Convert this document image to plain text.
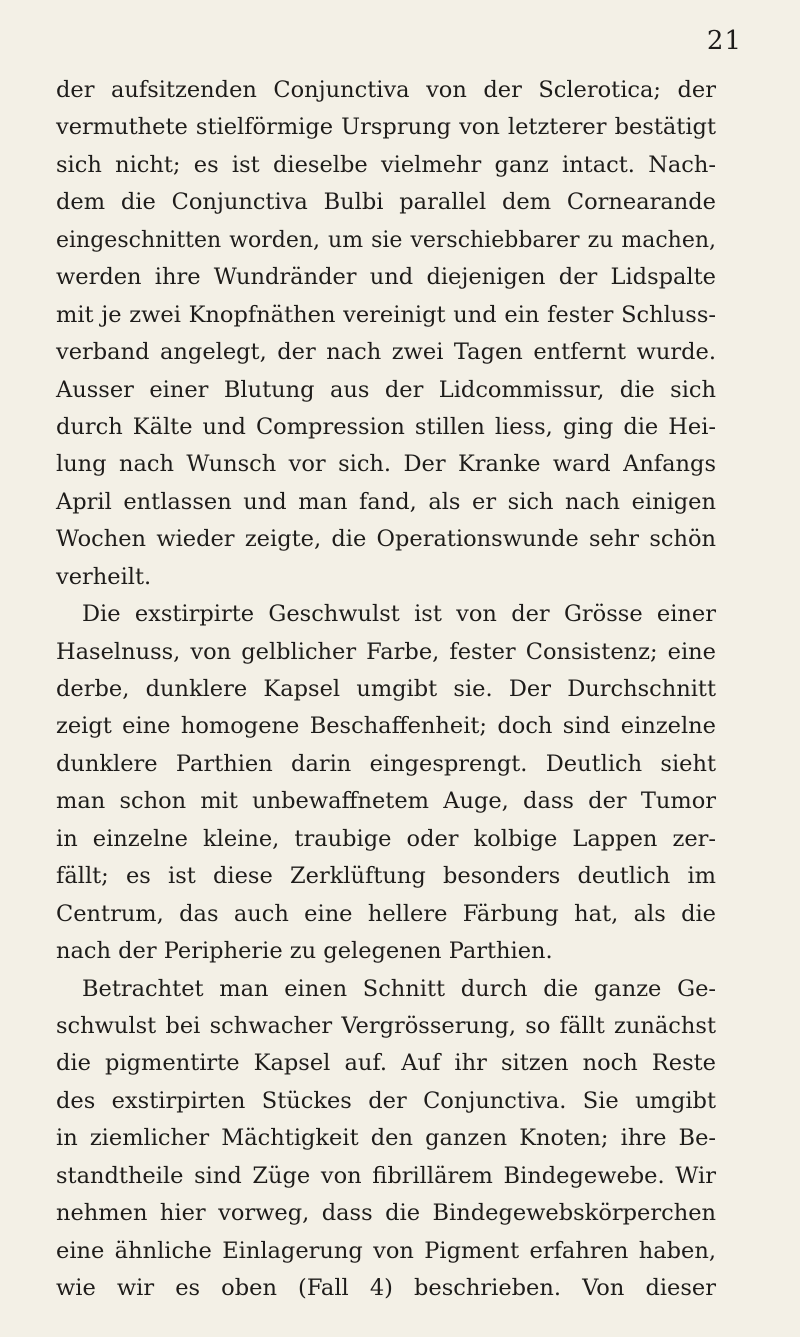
21
der aufsitzenden Conjunctiva von der Sclerotica; der
vermuthete stielförmige Ursprung von letzterer bestätigt
sich nicht; es ist dieselbe vielmehr ganz intact. Nach-
dem die Conjunctiva Bulbi parallel dem Cornearande
eingeschnitten worden, um sie verschiebbarer zu machen,
werden ihre Wundränder und diejenigen der Lidspalte
mit je zwei Knopfnäthen vereinigt und ein fester Schluss-
verband angelegt, der nach zwei Tagen entfernt wurde.
Ausser einer Blutung aus der Lidcommissur, die sich
durch Kälte und Compression stillen liess, ging die Hei-
lung nach Wunsch vor sich. Der Kranke ward Anfangs
April entlassen und man fand, als er sich nach einigen
Wochen wieder zeigte, die Operationswunde sehr schön
verheilt.
Die exstirpirte Geschwulst ist von der Grösse einer
Haselnuss, von gelblicher Farbe, fester Consistenz; eine
derbe, dunklere Kapsel umgibt sie. Der Durchschnitt
zeigt eine homogene Beschaffenheit; doch sind einzelne
dunklere Parthien darin eingesprengt. Deutlich sieht
man schon mit unbewaffnetem Auge, dass der Tumor
in einzelne kleine, traubige oder kolbige Lappen zer-
fällt; es ist diese Zerklüftung besonders deutlich im
Centrum, das auch eine hellere Färbung hat, als die
nach der Peripherie zu gelegenen Parthien.
Betrachtet man einen Schnitt durch die ganze Ge-
schwulst bei schwacher Vergrösserung, so fällt zunächst
die pigmentirte Kapsel auf. Auf ihr sitzen noch Reste
des exstirpirten Stückes der Conjunctiva. Sie umgibt
in ziemlicher Mächtigkeit den ganzen Knoten; ihre Be-
standtheile sind Züge von fibrillärem Bindegewebe. Wir
nehmen hier vorweg, dass die Bindegewebskörperchen
eine ähnliche Einlagerung von Pigment erfahren haben,
wie wir es oben (Fall 4) beschrieben. Von dieser
